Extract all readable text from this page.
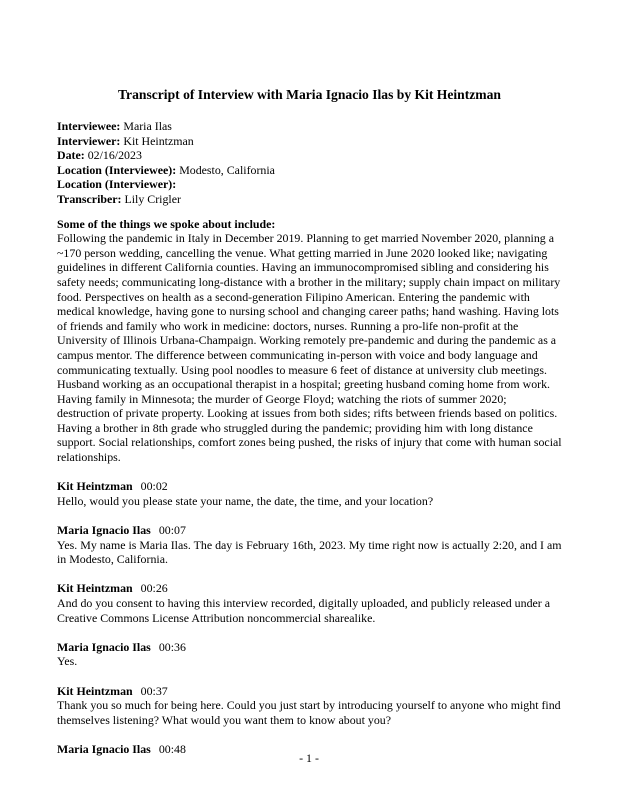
Transcript of Interview with Maria Ignacio Ilas by Kit Heintzman
Interviewee: Maria Ilas
Interviewer: Kit Heintzman
Date: 02/16/2023
Location (Interviewee): Modesto, California
Location (Interviewer):
Transcriber: Lily Crigler
Some of the things we spoke about include:
Following the pandemic in Italy in December 2019. Planning to get married November 2020, planning a ~170 person wedding, cancelling the venue. What getting married in June 2020 looked like; navigating guidelines in different California counties. Having an immunocompromised sibling and considering his safety needs; communicating long-distance with a brother in the military; supply chain impact on military food. Perspectives on health as a second-generation Filipino American. Entering the pandemic with medical knowledge, having gone to nursing school and changing career paths; hand washing. Having lots of friends and family who work in medicine: doctors, nurses. Running a pro-life non-profit at the University of Illinois Urbana-Champaign. Working remotely pre-pandemic and during the pandemic as a campus mentor. The difference between communicating in-person with voice and body language and communicating textually. Using pool noodles to measure 6 feet of distance at university club meetings. Husband working as an occupational therapist in a hospital; greeting husband coming home from work. Having family in Minnesota; the murder of George Floyd; watching the riots of summer 2020; destruction of private property. Looking at issues from both sides; rifts between friends based on politics. Having a brother in 8th grade who struggled during the pandemic; providing him with long distance support. Social relationships, comfort zones being pushed, the risks of injury that come with human social relationships.
Kit Heintzman 00:02
Hello, would you please state your name, the date, the time, and your location?
Maria Ignacio Ilas 00:07
Yes. My name is Maria Ilas. The day is February 16th, 2023. My time right now is actually 2:20, and I am in Modesto, California.
Kit Heintzman 00:26
And do you consent to having this interview recorded, digitally uploaded, and publicly released under a Creative Commons License Attribution noncommercial sharealike.
Maria Ignacio Ilas 00:36
Yes.
Kit Heintzman 00:37
Thank you so much for being here. Could you just start by introducing yourself to anyone who might find themselves listening? What would you want them to know about you?
Maria Ignacio Ilas 00:48
- 1 -
